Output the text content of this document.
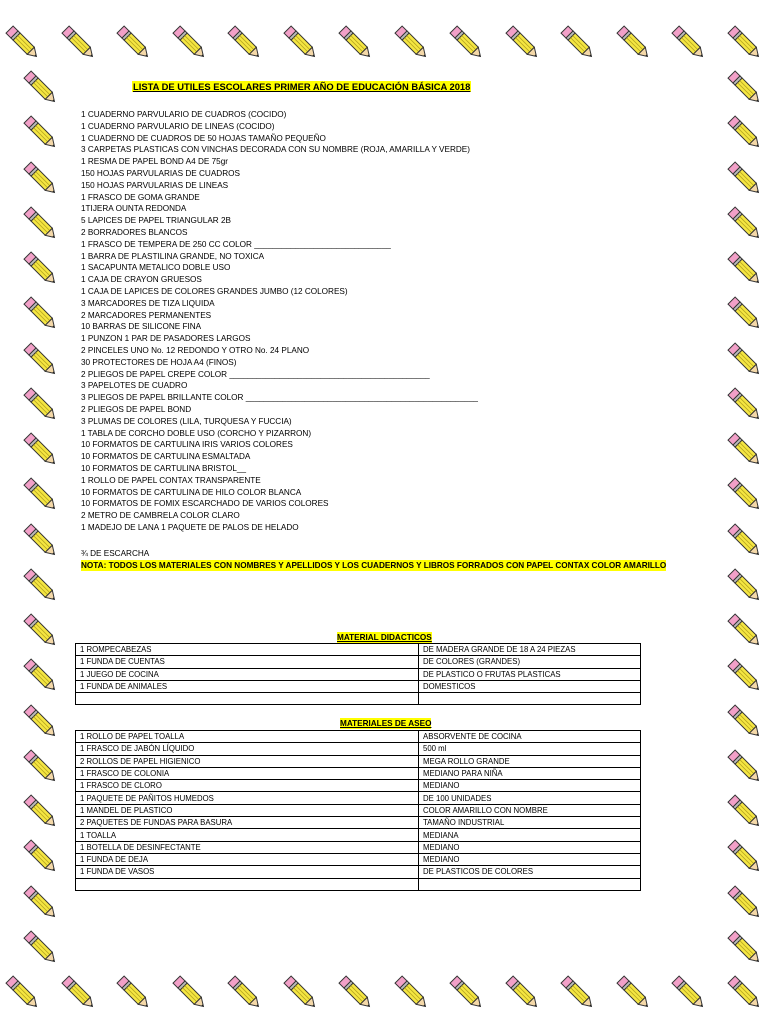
LISTA DE UTILES ESCOLARES PRIMER AÑO DE EDUCACIÓN BÁSICA 2018
1 CUADERNO PARVULARIO DE CUADROS (COCIDO)
1 CUADERNO PARVULARIO DE LINEAS (COCIDO)
1 CUADERNO DE CUADROS DE 50 HOJAS TAMAÑO PEQUEÑO
3 CARPETAS PLASTICAS CON VINCHAS DECORADA CON SU NOMBRE (ROJA, AMARILLA Y VERDE)
1 RESMA DE PAPEL BOND A4 DE 75gr
150 HOJAS PARVULARIAS DE CUADROS
150 HOJAS PARVULARIAS DE LINEAS
1 FRASCO DE GOMA GRANDE
1TIJERA OUNTA REDONDA
5 LAPICES DE PAPEL TRIANGULAR 2B
2 BORRADORES BLANCOS
1 FRASCO DE TEMPERA DE 250 CC COLOR ______________________________
1 BARRA DE PLASTILINA GRANDE, NO TOXICA
1 SACAPUNTA METALICO DOBLE USO
1 CAJA DE CRAYON GRUESOS
1 CAJA DE LAPICES DE COLORES GRANDES JUMBO (12 COLORES)
3 MARCADORES DE TIZA LIQUIDA
2 MARCADORES PERMANENTES
10 BARRAS DE SILICONE FINA
1 PUNZON 1 PAR DE PASADORES LARGOS
2 PINCELES UNO No. 12 REDONDO Y OTRO No. 24 PLANO
30 PROTECTORES DE HOJA A4 (FINOS)
2 PLIEGOS DE PAPEL CREPE COLOR ____________________________________________
3 PAPELOTES DE CUADRO
3 PLIEGOS DE PAPEL BRILLANTE COLOR ___________________________________________________
2 PLIEGOS DE PAPEL BOND
3 PLUMAS DE COLORES (LILA, TURQUESA Y FUCCIA)
1 TABLA DE CORCHO DOBLE USO (CORCHO Y PIZARRON)
10 FORMATOS DE CARTULINA IRIS VARIOS COLORES
10 FORMATOS DE CARTULINA ESMALTADA
10 FORMATOS DE CARTULINA BRISTOL__
1 ROLLO DE PAPEL CONTAX TRANSPARENTE
10 FORMATOS DE CARTULINA DE HILO COLOR BLANCA
10 FORMATOS DE FOMIX ESCARCHADO DE VARIOS COLORES
2 METRO DE CAMBRELA COLOR CLARO
1 MADEJO DE LANA 1 PAQUETE DE PALOS DE HELADO
¾ DE ESCARCHA
NOTA: TODOS LOS MATERIALES CON NOMBRES Y APELLIDOS Y LOS CUADERNOS Y LIBROS FORRADOS CON PAPEL CONTAX COLOR AMARILLO
MATERIAL DIDACTICOS
1 ROMPECABEZAS	DE MADERA GRANDE DE 18 A 24 PIEZAS
1 FUNDA DE CUENTAS	DE COLORES (GRANDES)
1 JUEGO DE COCINA	DE PLASTICO O FRUTAS PLASTICAS
1 FUNDA DE ANIMALES	DOMESTICOS

MATERIALES DE ASEO
1 ROLLO DE PAPEL TOALLA	ABSORVENTE DE COCINA
1 FRASCO DE JABÓN LÍQUIDO	500 ml
2 ROLLOS DE PAPEL HIGIENICO	MEGA ROLLO GRANDE
1 FRASCO DE COLONIA	MEDIANO PARA NIÑA
1 FRASCO DE CLORO	MEDIANO
1 PAQUETE DE PAÑITOS HUMEDOS	DE 100 UNIDADES
1 MANDEL DE PLASTICO	COLOR AMARILLO CON NOMBRE
2 PAQUETES DE FUNDAS PARA BASURA	TAMAÑO INDUSTRIAL
1 TOALLA	MEDIANA
1 BOTELLA DE DESINFECTANTE	MEDIANO
1 FUNDA DE DEJA	MEDIANO
1 FUNDA DE VASOS	DE PLASTICOS DE COLORES
